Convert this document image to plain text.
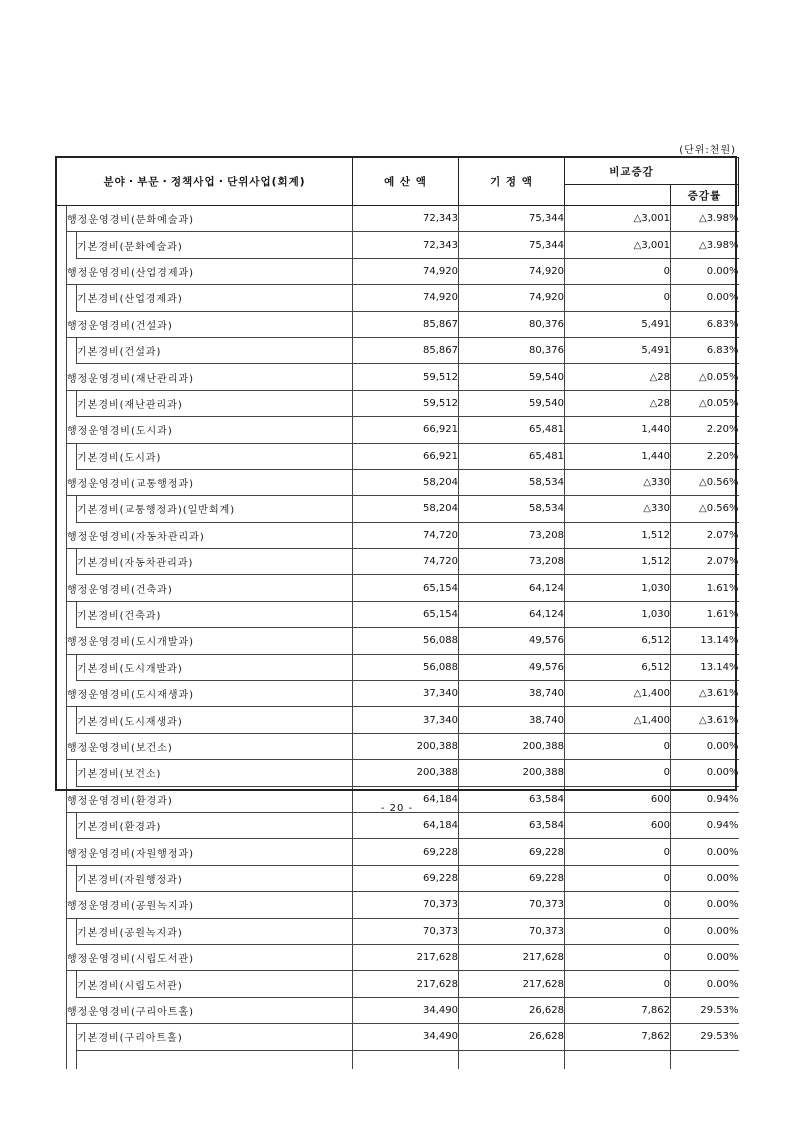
(단위:천원)
분야・부문・정책사업・단위사업(회계)			예 산 액	기 정 액	비교증감	
						증감률
	행정운영경비(문화예술과)		72,343	75,344	△3,001	△3.98%
		기본경비(문화예술과)	72,343	75,344	△3,001	△3.98%
	행정운영경비(산업경제과)		74,920	74,920	0	0.00%
		기본경비(산업경제과)	74,920	74,920	0	0.00%
	행정운영경비(건설과)		85,867	80,376	5,491	6.83%
		기본경비(건설과)	85,867	80,376	5,491	6.83%
	행정운영경비(재난관리과)		59,512	59,540	△28	△0.05%
		기본경비(재난관리과)	59,512	59,540	△28	△0.05%
	행정운영경비(도시과)		66,921	65,481	1,440	2.20%
		기본경비(도시과)	66,921	65,481	1,440	2.20%
	행정운영경비(교통행정과)		58,204	58,534	△330	△0.56%
		기본경비(교통행정과)(일반회계)	58,204	58,534	△330	△0.56%
	행정운영경비(자동차관리과)		74,720	73,208	1,512	2.07%
		기본경비(자동차관리과)	74,720	73,208	1,512	2.07%
	행정운영경비(건축과)		65,154	64,124	1,030	1.61%
		기본경비(건축과)	65,154	64,124	1,030	1.61%
	행정운영경비(도시개발과)		56,088	49,576	6,512	13.14%
		기본경비(도시개발과)	56,088	49,576	6,512	13.14%
	행정운영경비(도시재생과)		37,340	38,740	△1,400	△3.61%
		기본경비(도시재생과)	37,340	38,740	△1,400	△3.61%
	행정운영경비(보건소)		200,388	200,388	0	0.00%
		기본경비(보건소)	200,388	200,388	0	0.00%
	행정운영경비(환경과)		64,184	63,584	600	0.94%
		기본경비(환경과)	64,184	63,584	600	0.94%
	행정운영경비(자원행정과)		69,228	69,228	0	0.00%
		기본경비(자원행정과)	69,228	69,228	0	0.00%
	행정운영경비(공원녹지과)		70,373	70,373	0	0.00%
		기본경비(공원녹지과)	70,373	70,373	0	0.00%
	행정운영경비(시립도서관)		217,628	217,628	0	0.00%
		기본경비(시립도서관)	217,628	217,628	0	0.00%
	행정운영경비(구리아트홀)		34,490	26,628	7,862	29.53%
		기본경비(구리아트홀)	34,490	26,628	7,862	29.53%

- 20 -
